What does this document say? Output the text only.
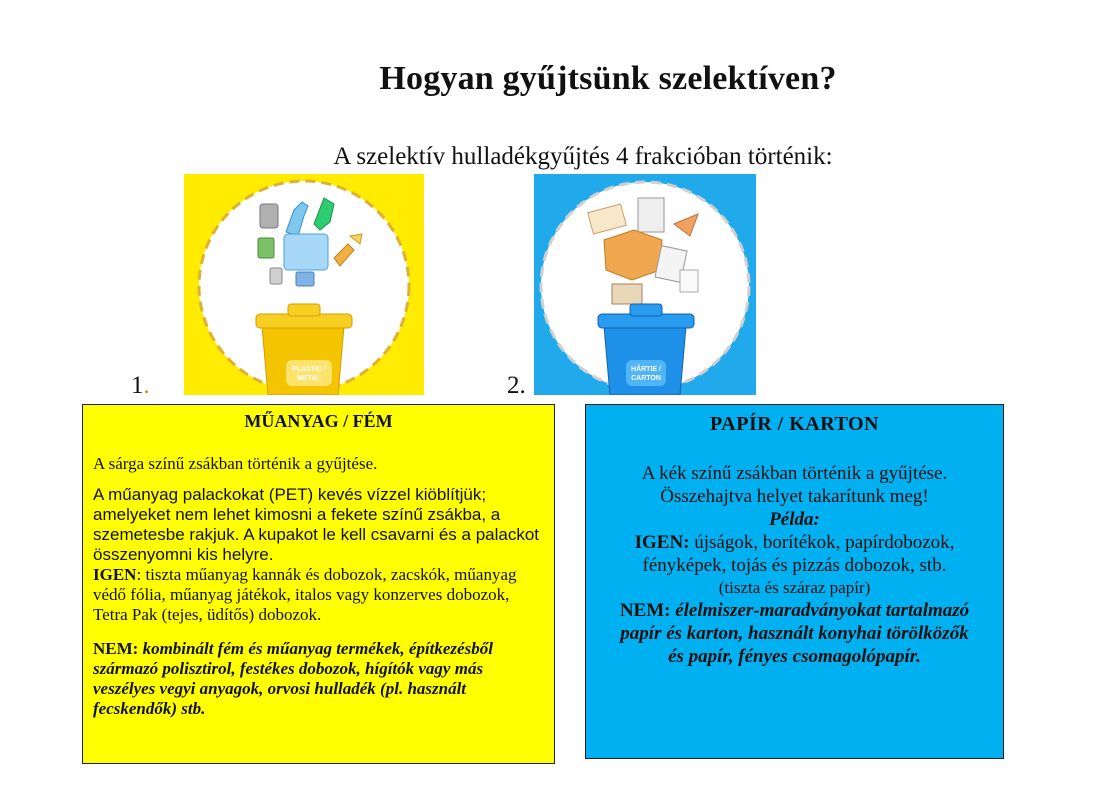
Hogyan gyűjtsünk szelektíven?
A szelektív hulladékgyűjtés 4 frakcióban történik:
1.
PLASTIC /
METAL	2.
HÂRTIE /
CARTON
MŰANYAG / FÉM

A sárga színű zsákban történik a gyűjtése.

A műanyag palackokat (PET) kevés vízzel kiöblítjük; amelyeket nem lehet kimosni a fekete színű zsákba, a szemetesbe rakjuk. A kupakot le kell csavarni és a palackot összenyomni kis helyre.

IGEN: tiszta műanyag kannák és dobozok, zacskók, műanyag védő fólia, műanyag játékok, italos vagy konzerves dobozok, Tetra Pak (tejes, üdítős) dobozok.

NEM: kombinált fém és műanyag termékek, építkezésből származó polisztirol, festékes dobozok, hígítók vagy más veszélyes vegyi anyagok, orvosi hulladék (pl. használt fecskendők) stb.

PAPÍR / KARTON
A kék színű zsákban történik a gyűjtése.
Összehajtva helyet takarítunk meg!
Példa:
IGEN: újságok, borítékok, papírdobozok,
fényképek, tojás és pizzás dobozok, stb.
(tiszta és száraz papír)
NEM: élelmiszer-maradványokat tartalmazó
papír és karton, használt konyhai törölközők
és papír, fényes csomagolópapír.
